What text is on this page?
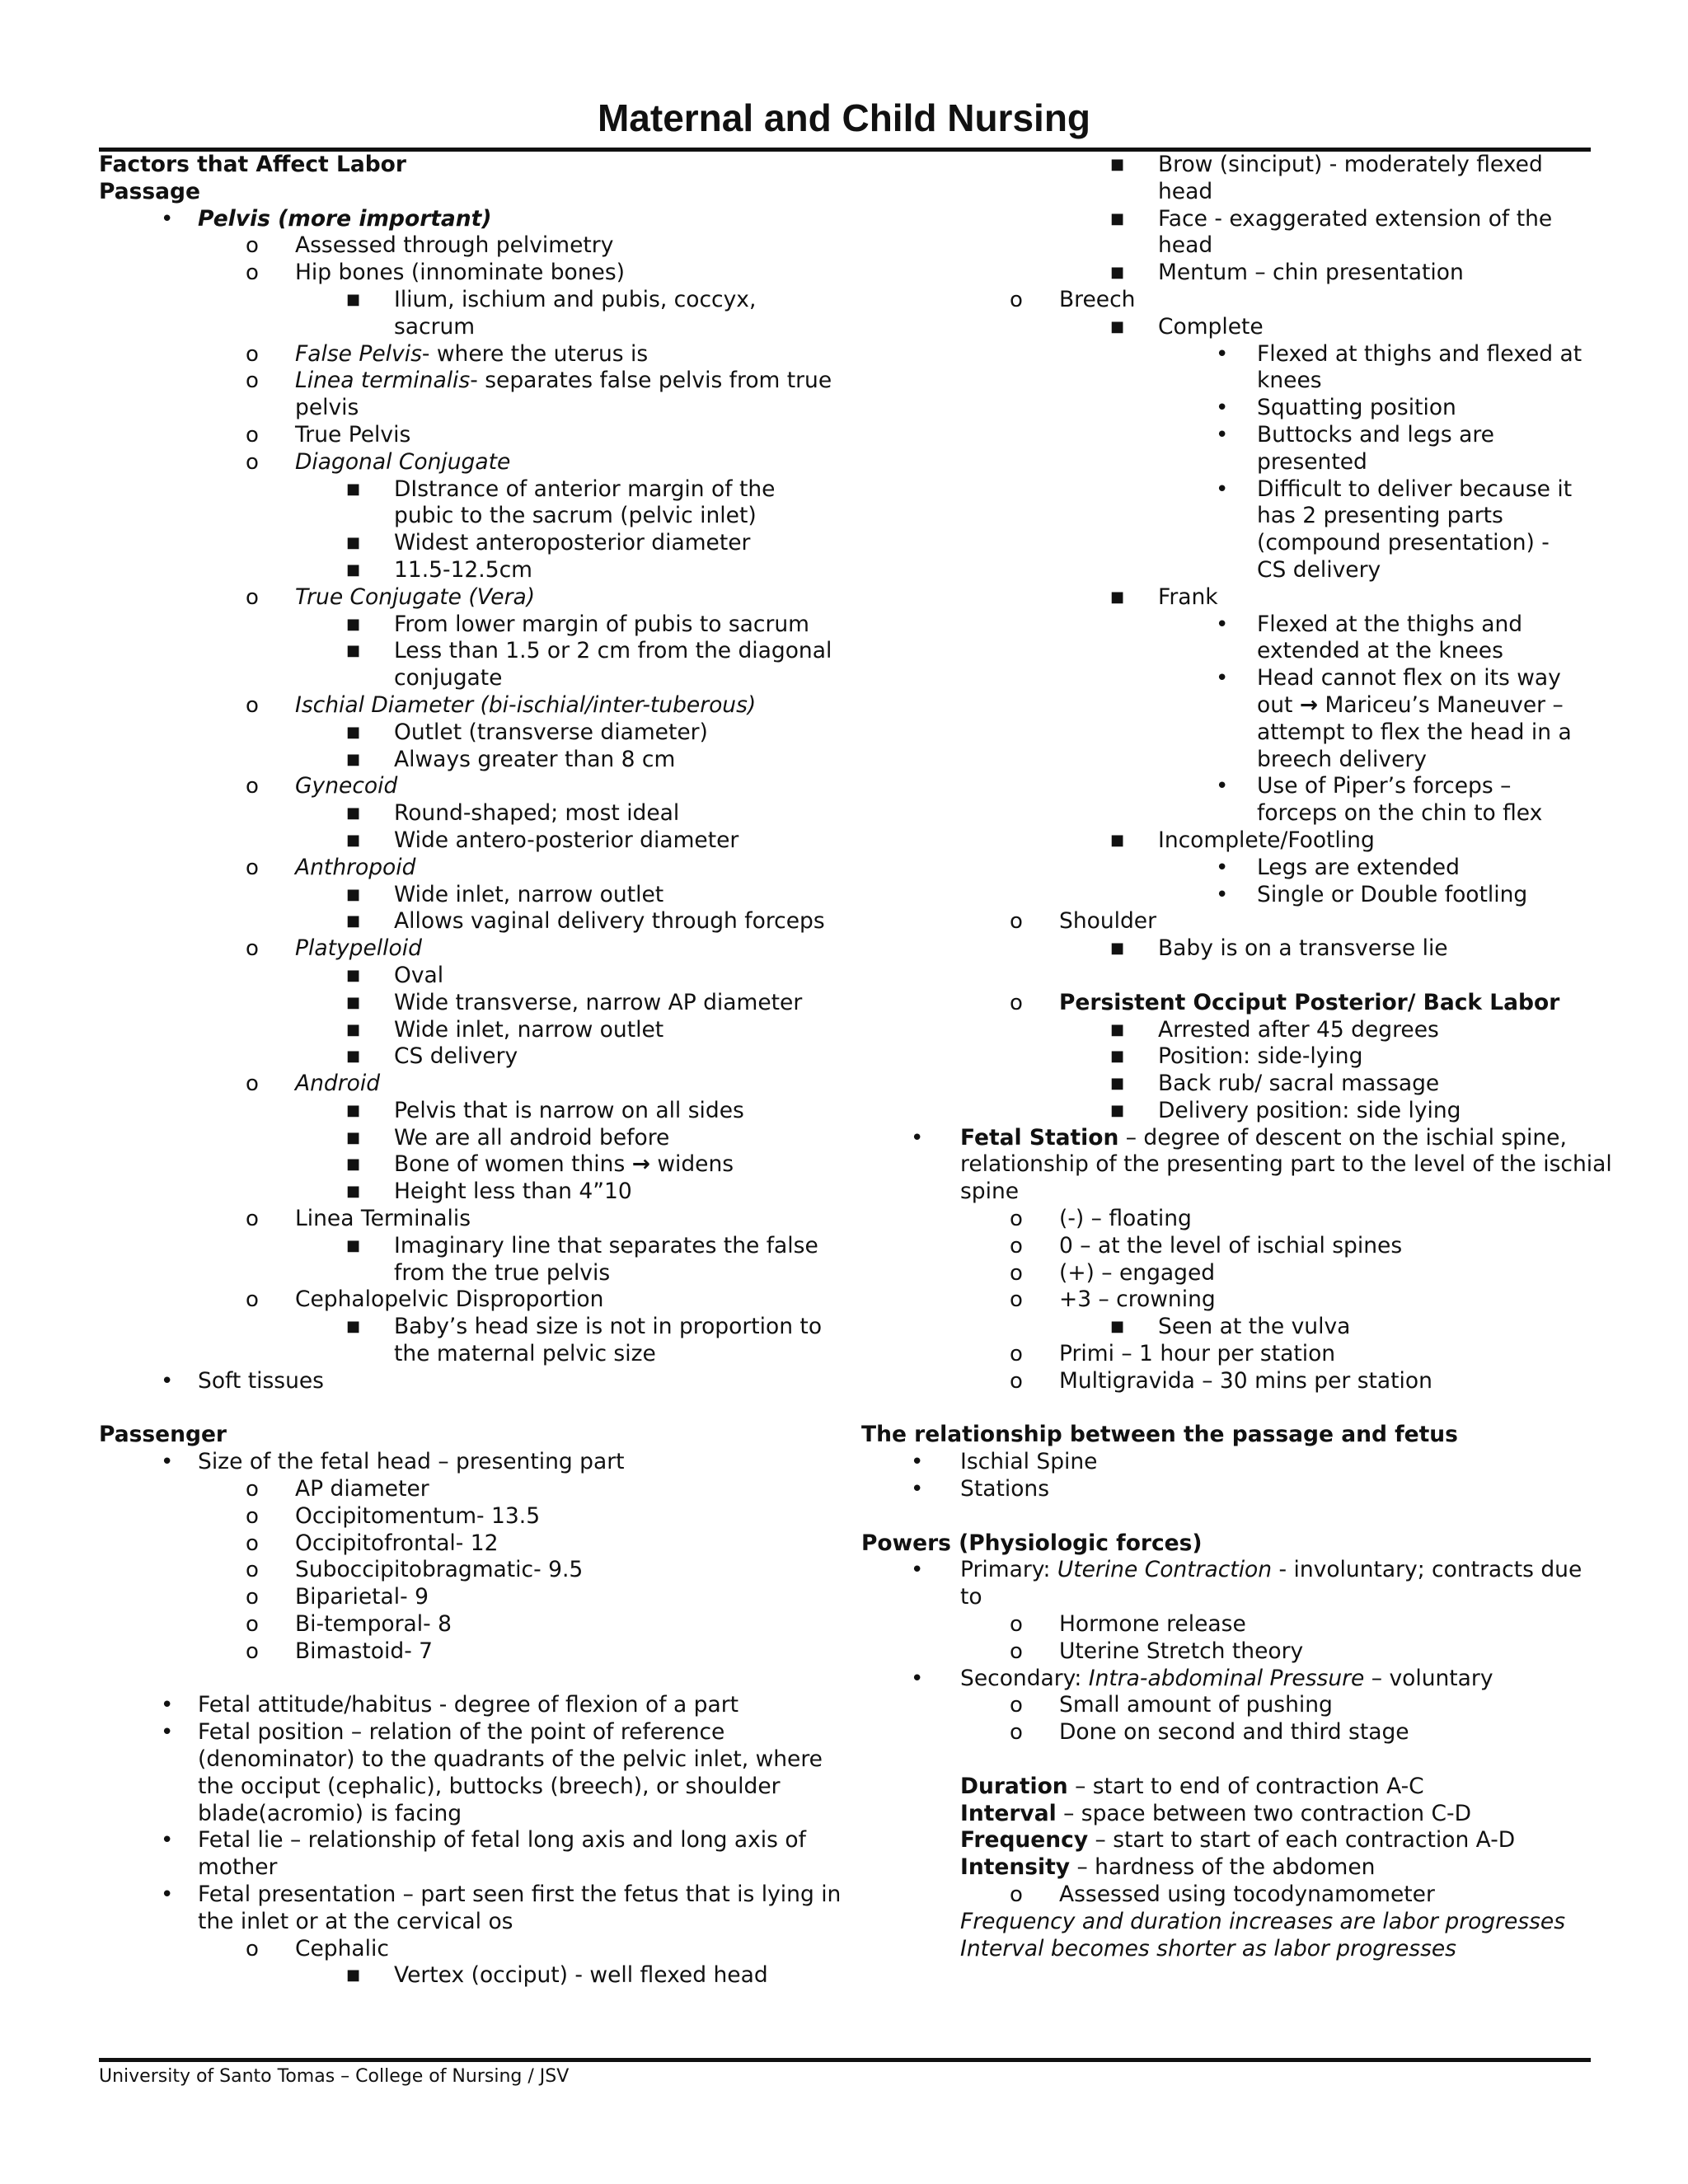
Maternal and Child Nursing
Factors that Affect Labor
Passage
• Pelvis (more important)
o Assessed through pelvimetry
o Hip bones (innominate bones)
■ Ilium, ischium and pubis, coccyx,
sacrum
o False Pelvis- where the uterus is
o Linea terminalis- separates false pelvis from true
pelvis
o True Pelvis
o Diagonal Conjugate
■ DIstrance of anterior margin of the
pubic to the sacrum (pelvic inlet)
■ Widest anteroposterior diameter
■ 11.5-12.5cm
o True Conjugate (Vera)
■ From lower margin of pubis to sacrum
■ Less than 1.5 or 2 cm from the diagonal
conjugate
o Ischial Diameter (bi-ischial/inter-tuberous)
■ Outlet (transverse diameter)
■ Always greater than 8 cm
o Gynecoid
■ Round-shaped; most ideal
■ Wide antero-posterior diameter
o Anthropoid
■ Wide inlet, narrow outlet
■ Allows vaginal delivery through forceps
o Platypelloid
■ Oval
■ Wide transverse, narrow AP diameter
■ Wide inlet, narrow outlet
■ CS delivery
o Android
■ Pelvis that is narrow on all sides
■ We are all android before
■ Bone of women thins → widens
■ Height less than 4”10
o Linea Terminalis
■ Imaginary line that separates the false
from the true pelvis
o Cephalopelvic Disproportion
■ Baby’s head size is not in proportion to
the maternal pelvic size
• Soft tissues
Passenger
• Size of the fetal head – presenting part
o AP diameter
o Occipitomentum- 13.5
o Occipitofrontal- 12
o Suboccipitobragmatic- 9.5
o Biparietal- 9
o Bi-temporal- 8
o Bimastoid- 7
• Fetal attitude/habitus - degree of flexion of a part
• Fetal position – relation of the point of reference
(denominator) to the quadrants of the pelvic inlet, where
the occiput (cephalic), buttocks (breech), or shoulder
blade(acromio) is facing
• Fetal lie – relationship of fetal long axis and long axis of
mother
• Fetal presentation – part seen first the fetus that is lying in
the inlet or at the cervical os
o Cephalic
■ Vertex (occiput) - well flexed head
■ Brow (sinciput) - moderately flexed
head
■ Face - exaggerated extension of the
head
■ Mentum – chin presentation
o Breech
■ Complete
• Flexed at thighs and flexed at
knees
• Squatting position
• Buttocks and legs are
presented
• Difficult to deliver because it
has 2 presenting parts
(compound presentation) -
CS delivery
■ Frank
• Flexed at the thighs and
extended at the knees
• Head cannot flex on its way
out → Mariceu’s Maneuver –
attempt to flex the head in a
breech delivery
• Use of Piper’s forceps –
forceps on the chin to flex
■ Incomplete/Footling
• Legs are extended
• Single or Double footling
o Shoulder
■ Baby is on a transverse lie
o Persistent Occiput Posterior/ Back Labor
■ Arrested after 45 degrees
■ Position: side-lying
■ Back rub/ sacral massage
■ Delivery position: side lying
• Fetal Station – degree of descent on the ischial spine,
relationship of the presenting part to the level of the ischial
spine
o (-) – floating
o 0 – at the level of ischial spines
o (+) – engaged
o +3 – crowning
■ Seen at the vulva
o Primi – 1 hour per station
o Multigravida – 30 mins per station
The relationship between the passage and fetus
• Ischial Spine
• Stations
Powers (Physiologic forces)
• Primary: Uterine Contraction - involuntary; contracts due
to
o Hormone release
o Uterine Stretch theory
• Secondary: Intra-abdominal Pressure – voluntary
o Small amount of pushing
o Done on second and third stage
Duration – start to end of contraction A-C
Interval – space between two contraction C-D
Frequency – start to start of each contraction A-D
Intensity – hardness of the abdomen
o Assessed using tocodynamometer
Frequency and duration increases are labor progresses
Interval becomes shorter as labor progresses
University of Santo Tomas – College of Nursing / JSV
